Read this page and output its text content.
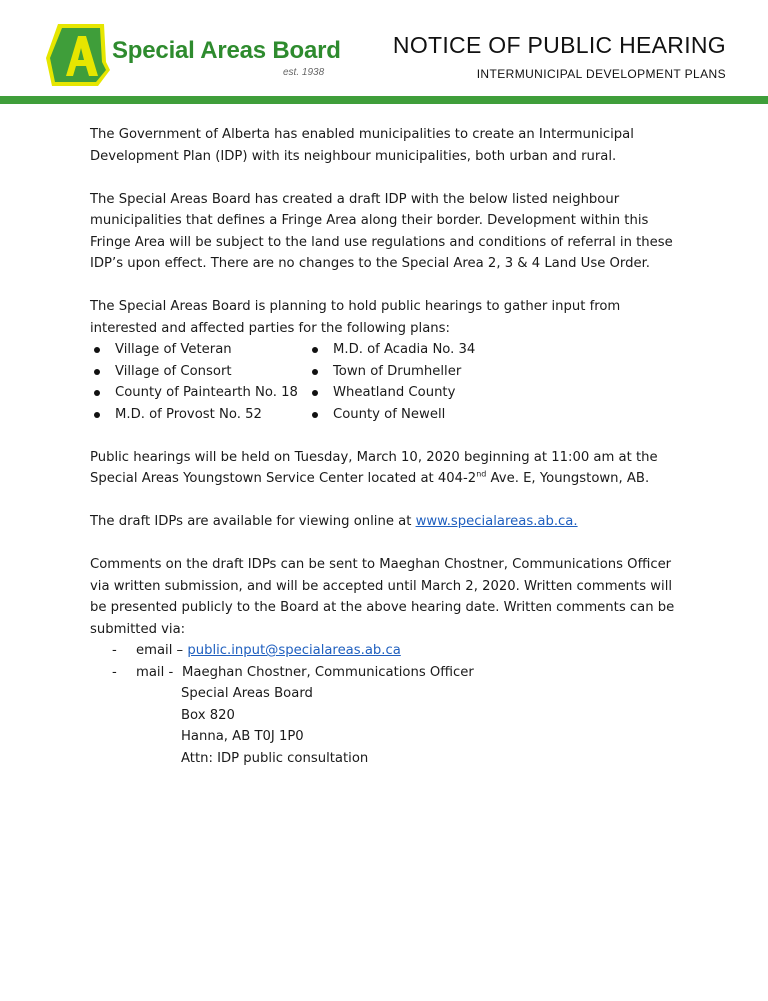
Special Areas Board
est. 1938
NOTICE OF PUBLIC HEARING
INTERMUNICIPAL DEVELOPMENT PLANS

The Government of Alberta has enabled municipalities to create an Intermunicipal Development Plan (IDP) with its neighbour municipalities, both urban and rural.

The Special Areas Board has created a draft IDP with the below listed neighbour municipalities that defines a Fringe Area along their border. Development within this Fringe Area will be subject to the land use regulations and conditions of referral in these IDP’s upon effect. There are no changes to the Special Area 2, 3 & 4 Land Use Order.

The Special Areas Board is planning to hold public hearings to gather input from interested and affected parties for the following plans:

Village of Veteran
Village of Consort
County of Paintearth No. 18
M.D. of Provost No. 52
M.D. of Acadia No. 34
Town of Drumheller
Wheatland County
County of Newell

Public hearings will be held on Tuesday, March 10, 2020 beginning at 11:00 am at the Special Areas Youngstown Service Center located at 404-2nd Ave. E, Youngstown, AB.

The draft IDPs are available for viewing online at www.specialareas.ab.ca.

Comments on the draft IDPs can be sent to Maeghan Chostner, Communications Officer via written submission, and will be accepted until March 2, 2020. Written comments will be presented publicly to the Board at the above hearing date. Written comments can be submitted via:

- email – public.input@specialareas.ab.ca
- mail - Maeghan Chostner, Communications Officer
Special Areas Board
Box 820
Hanna, AB T0J 1P0
Attn: IDP public consultation
